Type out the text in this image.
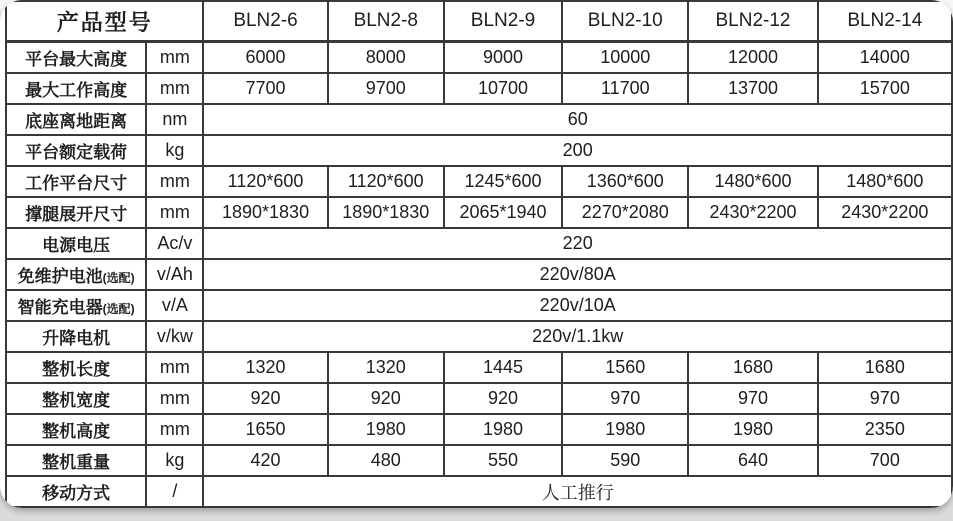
产品型号		BLN2-6	BLN2-8	BLN2-9	BLN2-10	BLN2-12	BLN2-14
平台最大高度	mm	6000	8000	9000	10000	12000	14000
最大工作高度	mm	7700	9700	10700	11700	13700	15700
底座离地距离	nm	60					
平台额定载荷	kg	200					
工作平台尺寸	mm	1120*600	1120*600	1245*600	1360*600	1480*600	1480*600
撑腿展开尺寸	mm	1890*1830	1890*1830	2065*1940	2270*2080	2430*2200	2430*2200
电源电压	Ac/v	220					
免维护电池(选配)	v/Ah	220v/80A					
智能充电器(选配)	v/A	220v/10A					
升降电机	v/kw	220v/1.1kw					
整机长度	mm	1320	1320	1445	1560	1680	1680
整机宽度	mm	920	920	920	970	970	970
整机高度	mm	1650	1980	1980	1980	1980	2350
整机重量	kg	420	480	550	590	640	700
移动方式	/	人工推行					
